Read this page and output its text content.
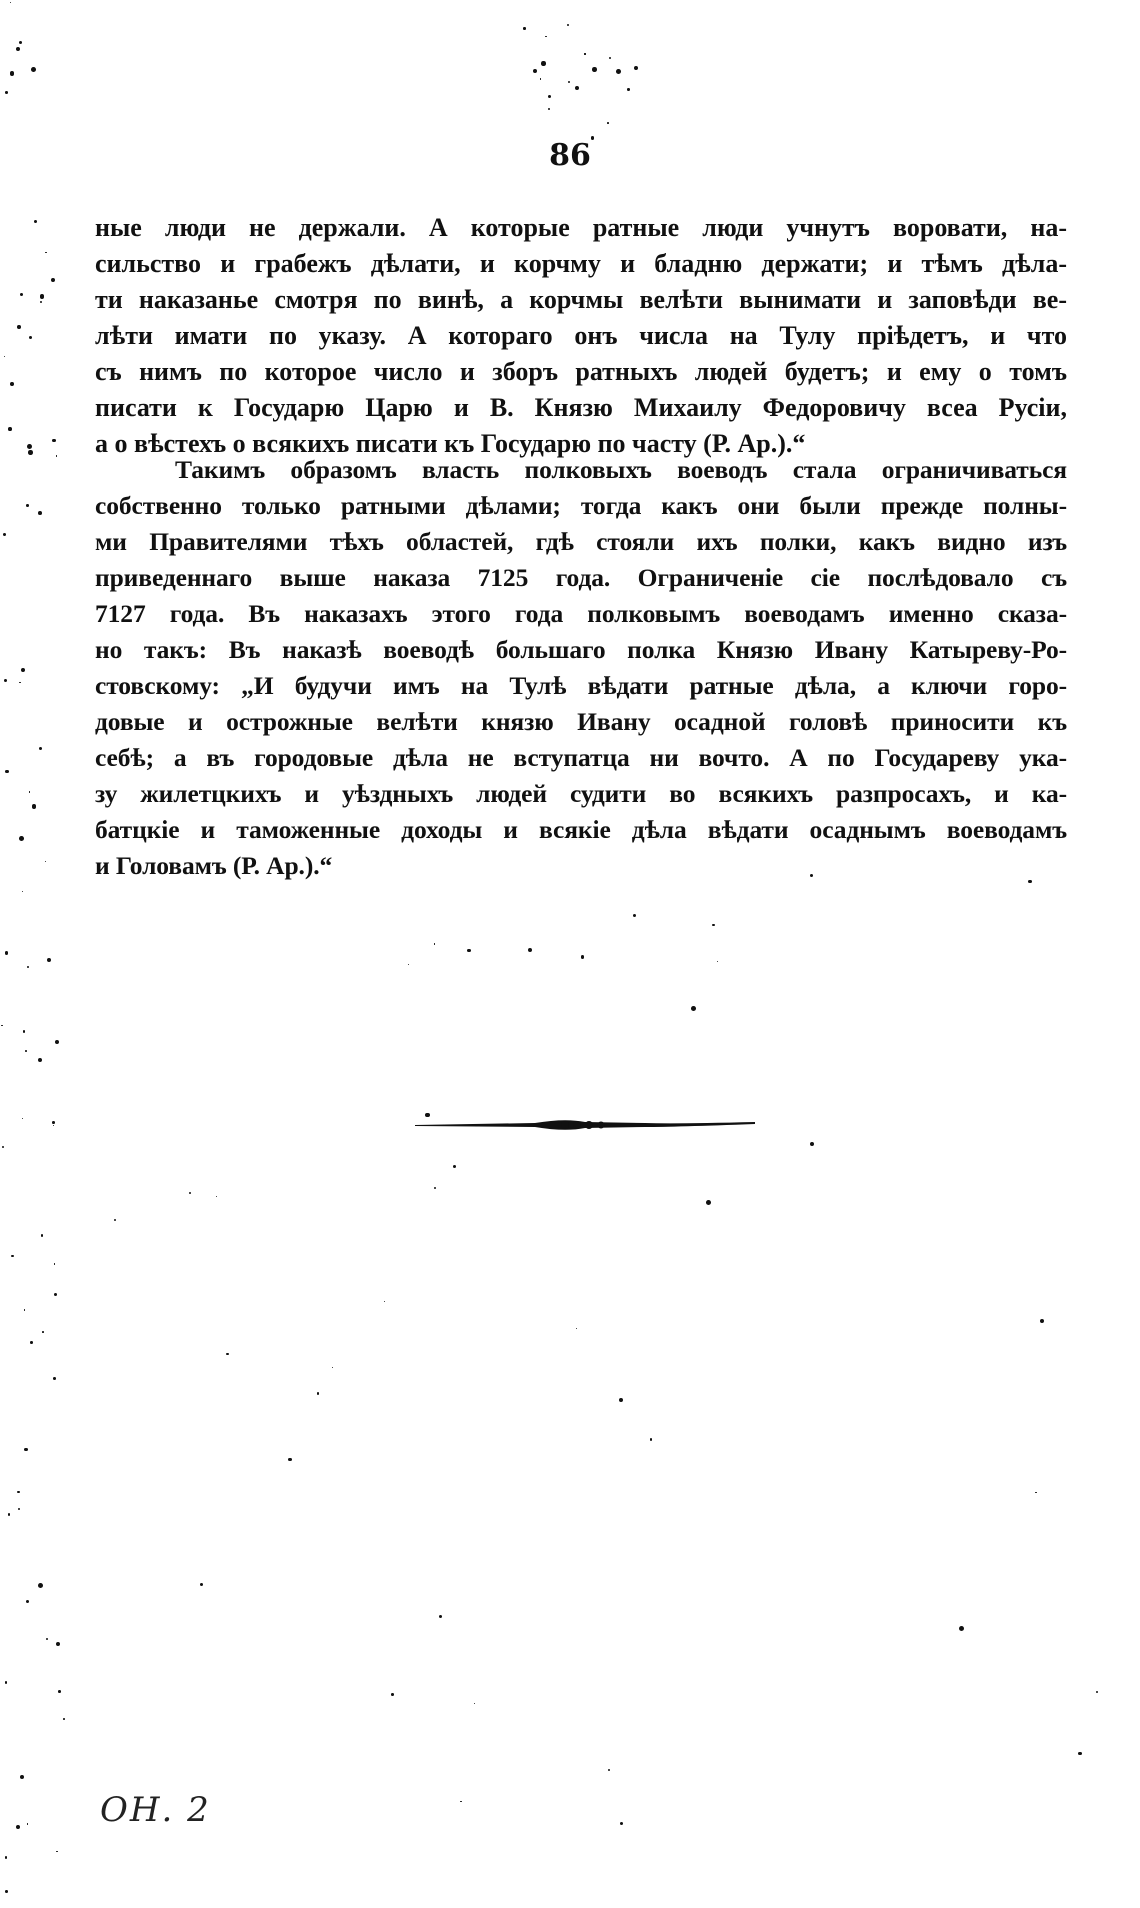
86
ные люди не держали. А которые ратные люди учнутъ воровати, на-
сильство и грабежъ дѣлати, и корчму и бладню держати; и тѣмъ дѣла-
ти наказанье смотря по винѣ, а корчмы велѣти вынимати и заповѣди ве-
лѣти имати по указу. А котораго онъ числа на Тулу пріѣдетъ, и что
съ нимъ по которое число и зборъ ратныхъ людей будетъ; и ему о томъ
писати к Государю Царю и В. Князю Михаилу Федоровичу всеа Русіи,
а о вѣстехъ о всякихъ писати къ Государю по часту (Р. Ар.).“
Такимъ образомъ власть полковыхъ воеводъ стала ограничиваться
собственно только ратными дѣлами; тогда какъ они были прежде полны-
ми Правителями тѣхъ областей, гдѣ стояли ихъ полки, какъ видно изъ
приведеннаго выше наказа 7125 года. Ограниченіе сіе послѣдовало съ
7127 года. Въ наказахъ этого года полковымъ воеводамъ именно сказа-
но такъ: Въ наказѣ воеводѣ большаго полка Князю Ивану Катыреву-Ро-
стовскому: „И будучи имъ на Тулѣ вѣдати ратные дѣла, а ключи горо-
довые и острожные велѣти князю Ивану осадной головѣ приносити къ
себѣ; а въ городовые дѣла не вступатца ни вочто. А по Государеву ука-
зу жилетцкихъ и уѣздныхъ людей судити во всякихъ разпросахъ, и ка-
батцкіе и таможенные доходы и всякіе дѣла вѣдати осаднымъ воеводамъ
и Головамъ (Р. Ар.).“
ОН. 2
